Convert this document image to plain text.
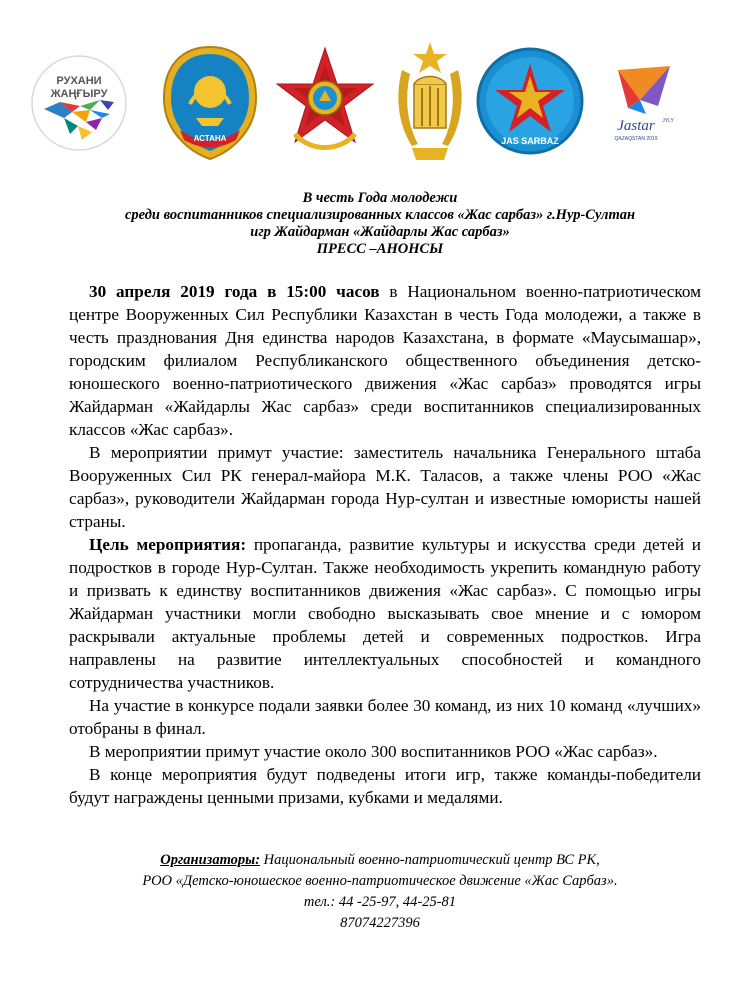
РУХАНИ
ЖАҢҒЫРУ
АСТАНА	JAS SARBAZ
Jastar JYLY
QAZAQSTAN 2019
В честь Года молодежи
среди воспитанников специализированных классов «Жас сарбаз» г.Нур-Султан
игр Жайдарман «Жайдарлы Жас сарбаз»
ПРЕСС –АНОНСЫ

30 апреля 2019 года в 15:00 часов в Национальном военно-патриотическом центре Вооруженных Сил Республики Казахстан в честь Года молодежи, а также в честь празднования Дня единства народов Казахстана, в формате «Маусымашар», городским филиалом Республиканского общественного объединения детско-юношеского военно-патриотического движения «Жас сарбаз» проводятся игры Жайдарман «Жайдарлы Жас сарбаз» среди воспитанников специализированных классов «Жас сарбаз».

В мероприятии примут участие: заместитель начальника Генерального штаба Вооруженных Сил РК генерал-майора М.К. Таласов, а также члены РОО «Жас сарбаз», руководители Жайдарман города Нур-султан и известные юмористы нашей страны.

Цель мероприятия: пропаганда, развитие культуры и искусства среди детей и подростков в городе Нур-Султан. Также необходимость укрепить командную работу и призвать к единству воспитанников движения «Жас сарбаз». С помощью игры Жайдарман участники могли свободно высказывать свое мнение и с юмором раскрывали актуальные проблемы детей и современных подростков. Игра направлены на развитие интеллектуальных способностей и командного сотрудничества участников.

На участие в конкурсе подали заявки более 30 команд, из них 10 команд «лучших» отобраны в финал.

В мероприятии примут участие около 300 воспитанников РОО «Жас сарбаз».

В конце мероприятия будут подведены итоги игр, также команды-победители будут награждены ценными призами, кубками и медалями.

Организаторы: Национальный военно-патриотический центр ВС РК,
РОО «Детско-юношеское военно-патриотическое движение «Жас Сарбаз».
тел.: 44 -25-97, 44-25-81
87074227396
